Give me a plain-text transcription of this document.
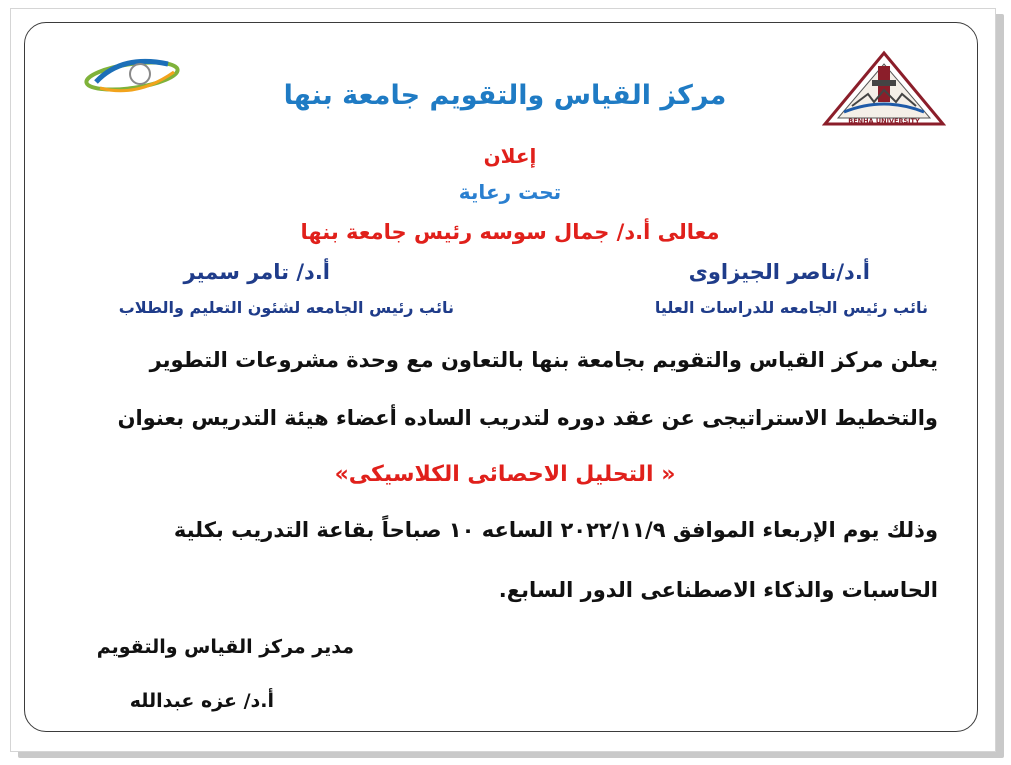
BENHA UNIVERSITY
مركز القياس والتقويم جامعة بنها
إعلان
تحت رعاية
معالى أ.د/ جمال سوسه رئيس جامعة بنها
أ.د/ناصر الجيزاوى
أ.د/ تامر سمير
نائب رئيس الجامعه للدراسات العليا
نائب رئيس الجامعه لشئون التعليم والطلاب
يعلن مركز القياس والتقويم بجامعة بنها بالتعاون مع وحدة مشروعات التطوير
والتخطيط الاستراتيجى عن عقد دوره لتدريب الساده أعضاء هيئة التدريس بعنوان
« التحليل الاحصائى الكلاسيكى»
وذلك يوم الإربعاء الموافق ٢٠٢٢/١١/٩ الساعه ١٠ صباحاً بقاعة التدريب بكلية
الحاسبات والذكاء الاصطناعى الدور السابع.
مدير مركز القياس والتقويم
أ.د/ عزه عبدالله
